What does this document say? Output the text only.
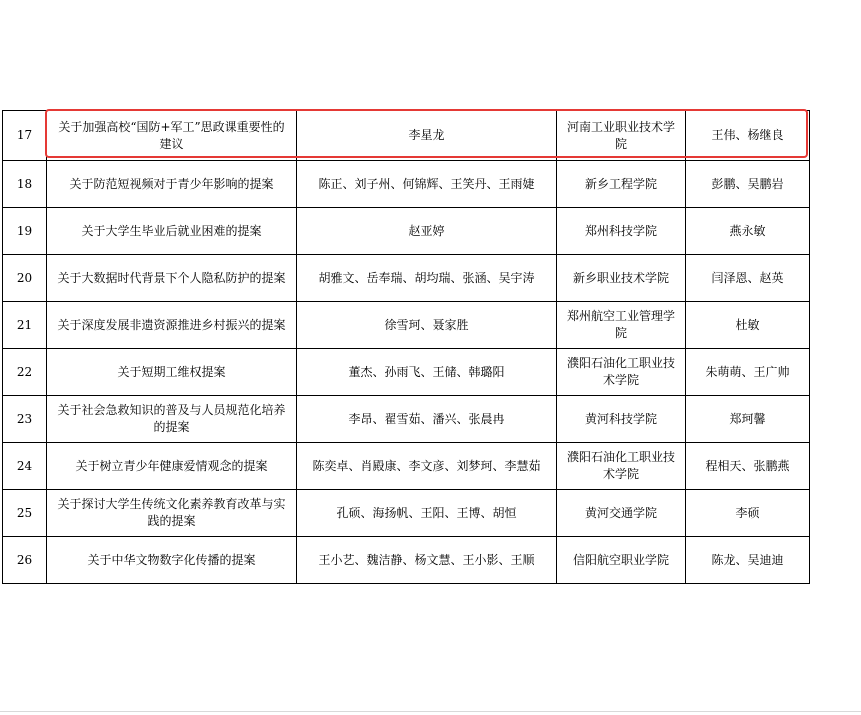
17	关于加强高校“国防+军工”思政课重要性的建议	李星龙	河南工业职业技术学院	王伟、杨继良
18	关于防范短视频对于青少年影响的提案	陈正、刘子州、何锦辉、王笑丹、王雨婕	新乡工程学院	彭鹏、吴鹏岩
19	关于大学生毕业后就业困难的提案	赵亚婷	郑州科技学院	燕永敏
20	关于大数据时代背景下个人隐私防护的提案	胡雅文、岳奉瑞、胡均瑞、张涵、吴宇涛	新乡职业技术学院	闫泽恩、赵英
21	关于深度发展非遗资源推进乡村振兴的提案	徐雪珂、聂家胜	郑州航空工业管理学院	杜敏
22	关于短期工维权提案	董杰、孙雨飞、王储、韩璐阳	濮阳石油化工职业技术学院	朱萌萌、王广帅
23	关于社会急救知识的普及与人员规范化培养的提案	李昂、翟雪茹、潘兴、张晨冉	黄河科技学院	郑珂馨
24	关于树立青少年健康爱情观念的提案	陈奕卓、肖殿康、李文彦、刘梦珂、李慧茹	濮阳石油化工职业技术学院	程相天、张鹏燕
25	关于探讨大学生传统文化素养教育改革与实践的提案	孔硕、海扬帆、王阳、王博、胡恒	黄河交通学院	李硕
26	关于中华文物数字化传播的提案	王小艺、魏洁静、杨文慧、王小影、王顺	信阳航空职业学院	陈龙、吴迪迪
